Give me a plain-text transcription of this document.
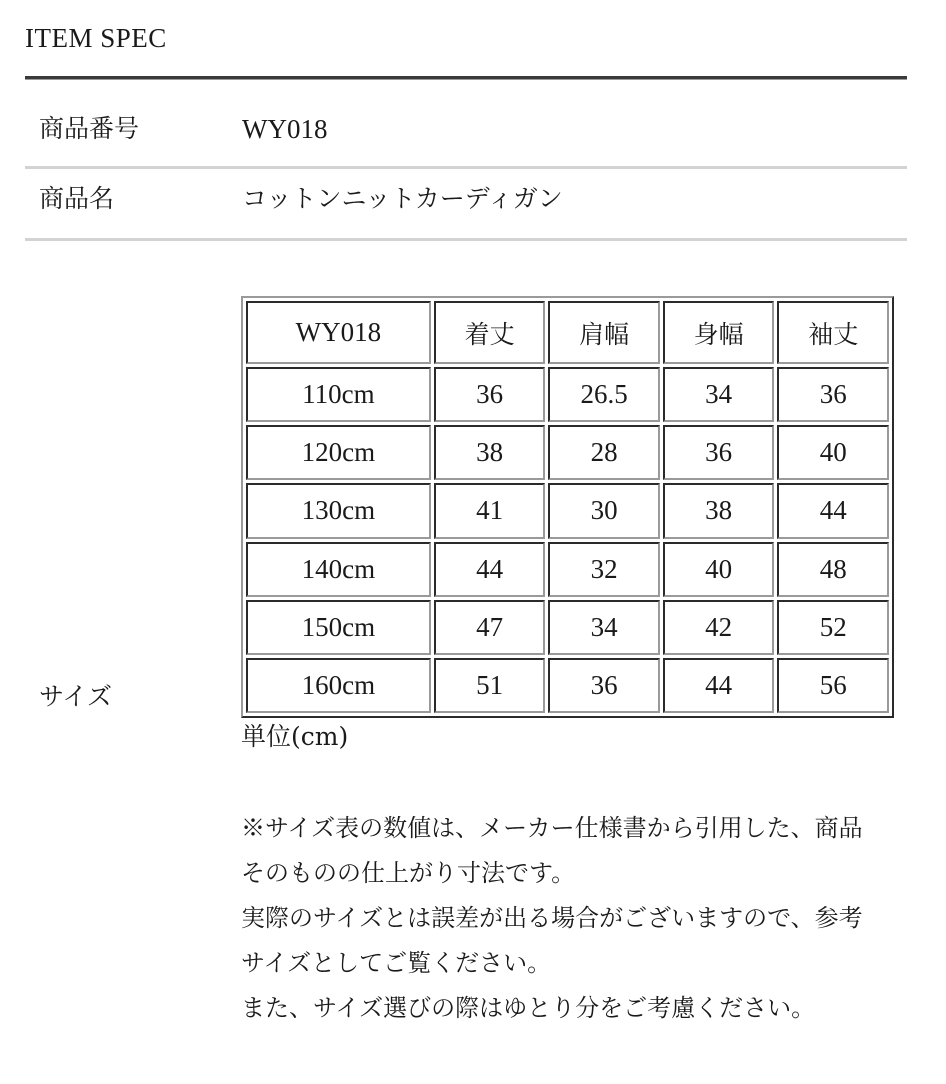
ITEM SPEC
商品番号	WY018
商品名	コットンニットカーディガン
サイズ
WY018	着丈	肩幅	身幅	袖丈
110cm	36	26.5	34	36
120cm	38	28	36	40
130cm	41	30	38	44
140cm	44	32	40	48
150cm	47	34	42	52
160cm	51	36	44	56
単位(cm)

※サイズ表の数値は、メーカー仕様書から引用した、商品そのものの仕上がり寸法です。

実際のサイズとは誤差が出る場合がございますので、参考サイズとしてご覧ください。

また、サイズ選びの際はゆとり分をご考慮ください。
